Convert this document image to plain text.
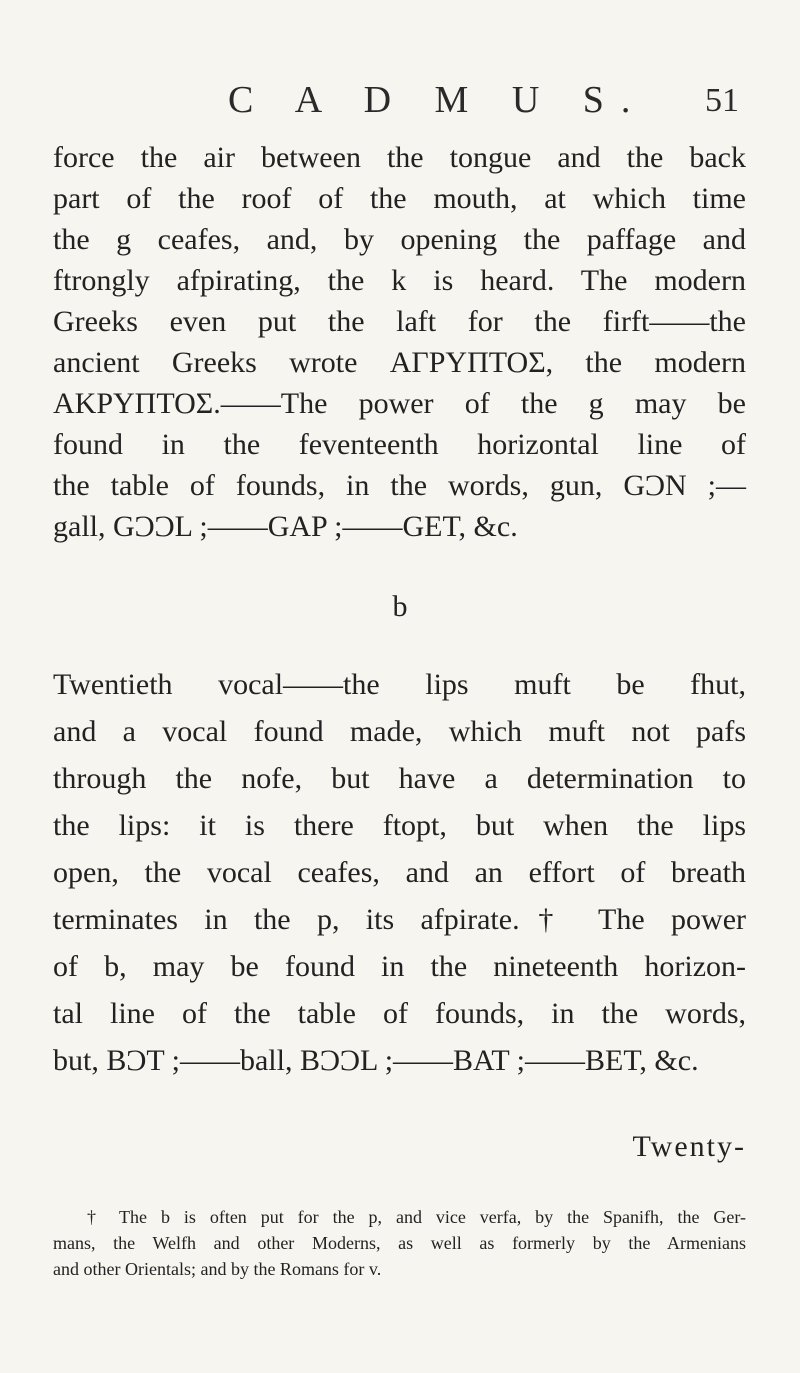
C A D M U S. 51
force the air between the tongue and the back
part of the roof of the mouth, at which time
the g ceafes, and, by opening the paffage and
ftrongly afpirating, the k is heard. The modern
Greeks even put the laft for the firft——the
ancient Greeks wrote ΑΓΡΥΠΤΟΣ, the modern
ΑΚΡΥΠΤΟΣ.——The power of the g may be
found in the feventeenth horizontal line of
the table of founds, in the words, gun, GϽΝ ;—
gall, GϽϽL ;——GAP ;——GET, &c.
b
Twentieth vocal——the lips muft be fhut,
and a vocal found made, which muft not pafs
through the nofe, but have a determination to
the lips: it is there ftopt, but when the lips
open, the vocal ceafes, and an effort of breath
terminates in the p, its afpirate.† The power
of b, may be found in the nineteenth horizon-
tal line of the table of founds, in the words,
but, BϽT ;——ball, BϽϽL ;——BAT ;——BET, &c.
Twenty-
† The b is often put for the p, and vice verfa, by the Spanifh, the Ger-
mans, the Welfh and other Moderns, as well as formerly by the Armenians
and other Orientals; and by the Romans for v.
